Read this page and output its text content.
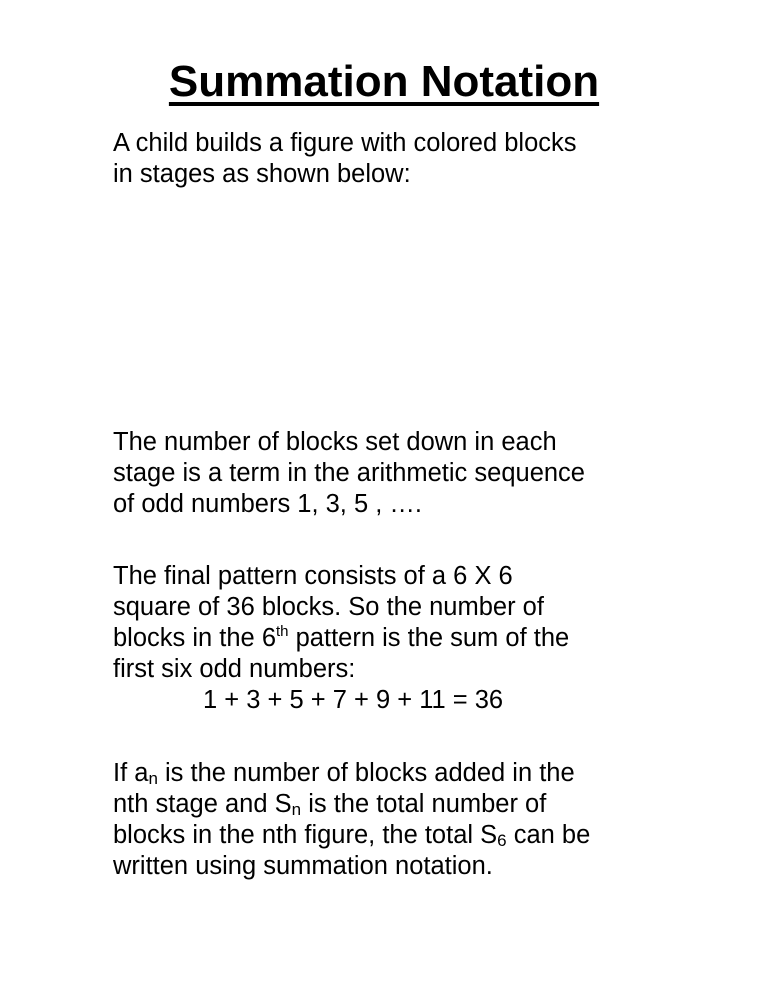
Summation Notation
A child builds a figure with colored blocks
in stages as shown below:
The number of blocks set down in each
stage is a term in the arithmetic sequence
of odd numbers 1, 3, 5 , ….
The final pattern consists of a 6 X 6
square of 36 blocks. So the number of
blocks in the 6th pattern is the sum of the
first six odd numbers:
1 + 3 + 5 + 7 + 9 + 11 = 36
If $a_n$ is the number of blocks added in the
nth stage and $S_n$ is the total number of
blocks in the nth figure, the total $S_6$ can be
written using summation notation.
